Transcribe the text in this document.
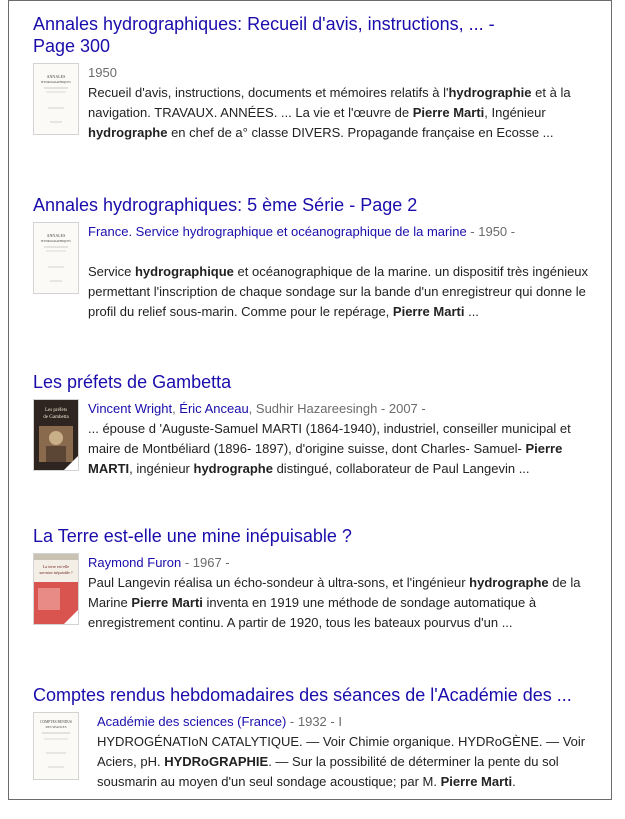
Annales hydrographiques: Recueil d'avis, instructions, ... -
Page 300
ANNALES
HYDROGRAPHIQUES
1950
Recueil d'avis, instructions, documents et mémoires relatifs à l'hydrographie et à la navigation. TRAVAUX. ANNÉES. ... La vie et l'œuvre de Pierre Marti, Ingénieur hydrographe en chef de a° classe DIVERS. Propagande française en Ecosse ...
Annales hydrographiques: 5 ème Série - Page 2
ANNALES
HYDROGRAPHIQUES
France. Service hydrographique et océanographique de la marine - 1950 -
Service hydrographique et océanographique de la marine. un dispositif très ingénieux permettant l'inscription de chaque sondage sur la bande d'un enregistreur qui donne le profil du relief sous-marin. Comme pour le repérage, Pierre Marti ...
Les préfets de Gambetta
Les préfets
de Gambetta
Vincent Wright, Éric Anceau, Sudhir Hazareesingh - 2007 -
... épouse d 'Auguste-Samuel MARTI (1864-1940), industriel, conseiller municipal et maire de Montbéliard (1896- 1897), d'origine suisse, dont Charles- Samuel- Pierre MARTI, ingénieur hydrographe distingué, collaborateur de Paul Langevin ...
La Terre est-elle une mine inépuisable ?
La terre est-elle
une mine inépuisable ?
Raymond Furon - 1967 -
Paul Langevin réalisa un écho-sondeur à ultra-sons, et l'ingénieur hydrographe de la Marine Pierre Marti inventa en 1919 une méthode de sondage automatique à enregistrement continu. A partir de 1920, tous les bateaux pourvus d'un ...
Comptes rendus hebdomadaires des séances de l'Académie des ...
COMPTES RENDUS
DES SÉANCES Académie des sciences (France) - 1932 - I
HYDROGÉNATIoN CATALYTIQUE. — Voir Chimie organique. HYDRoGÈNE. — Voir Aciers, pH. HYDRoGRAPHIE. — Sur la possibilité de déterminer la pente du sol sousmarin au moyen d'un seul sondage acoustique; par M. Pierre Marti.
